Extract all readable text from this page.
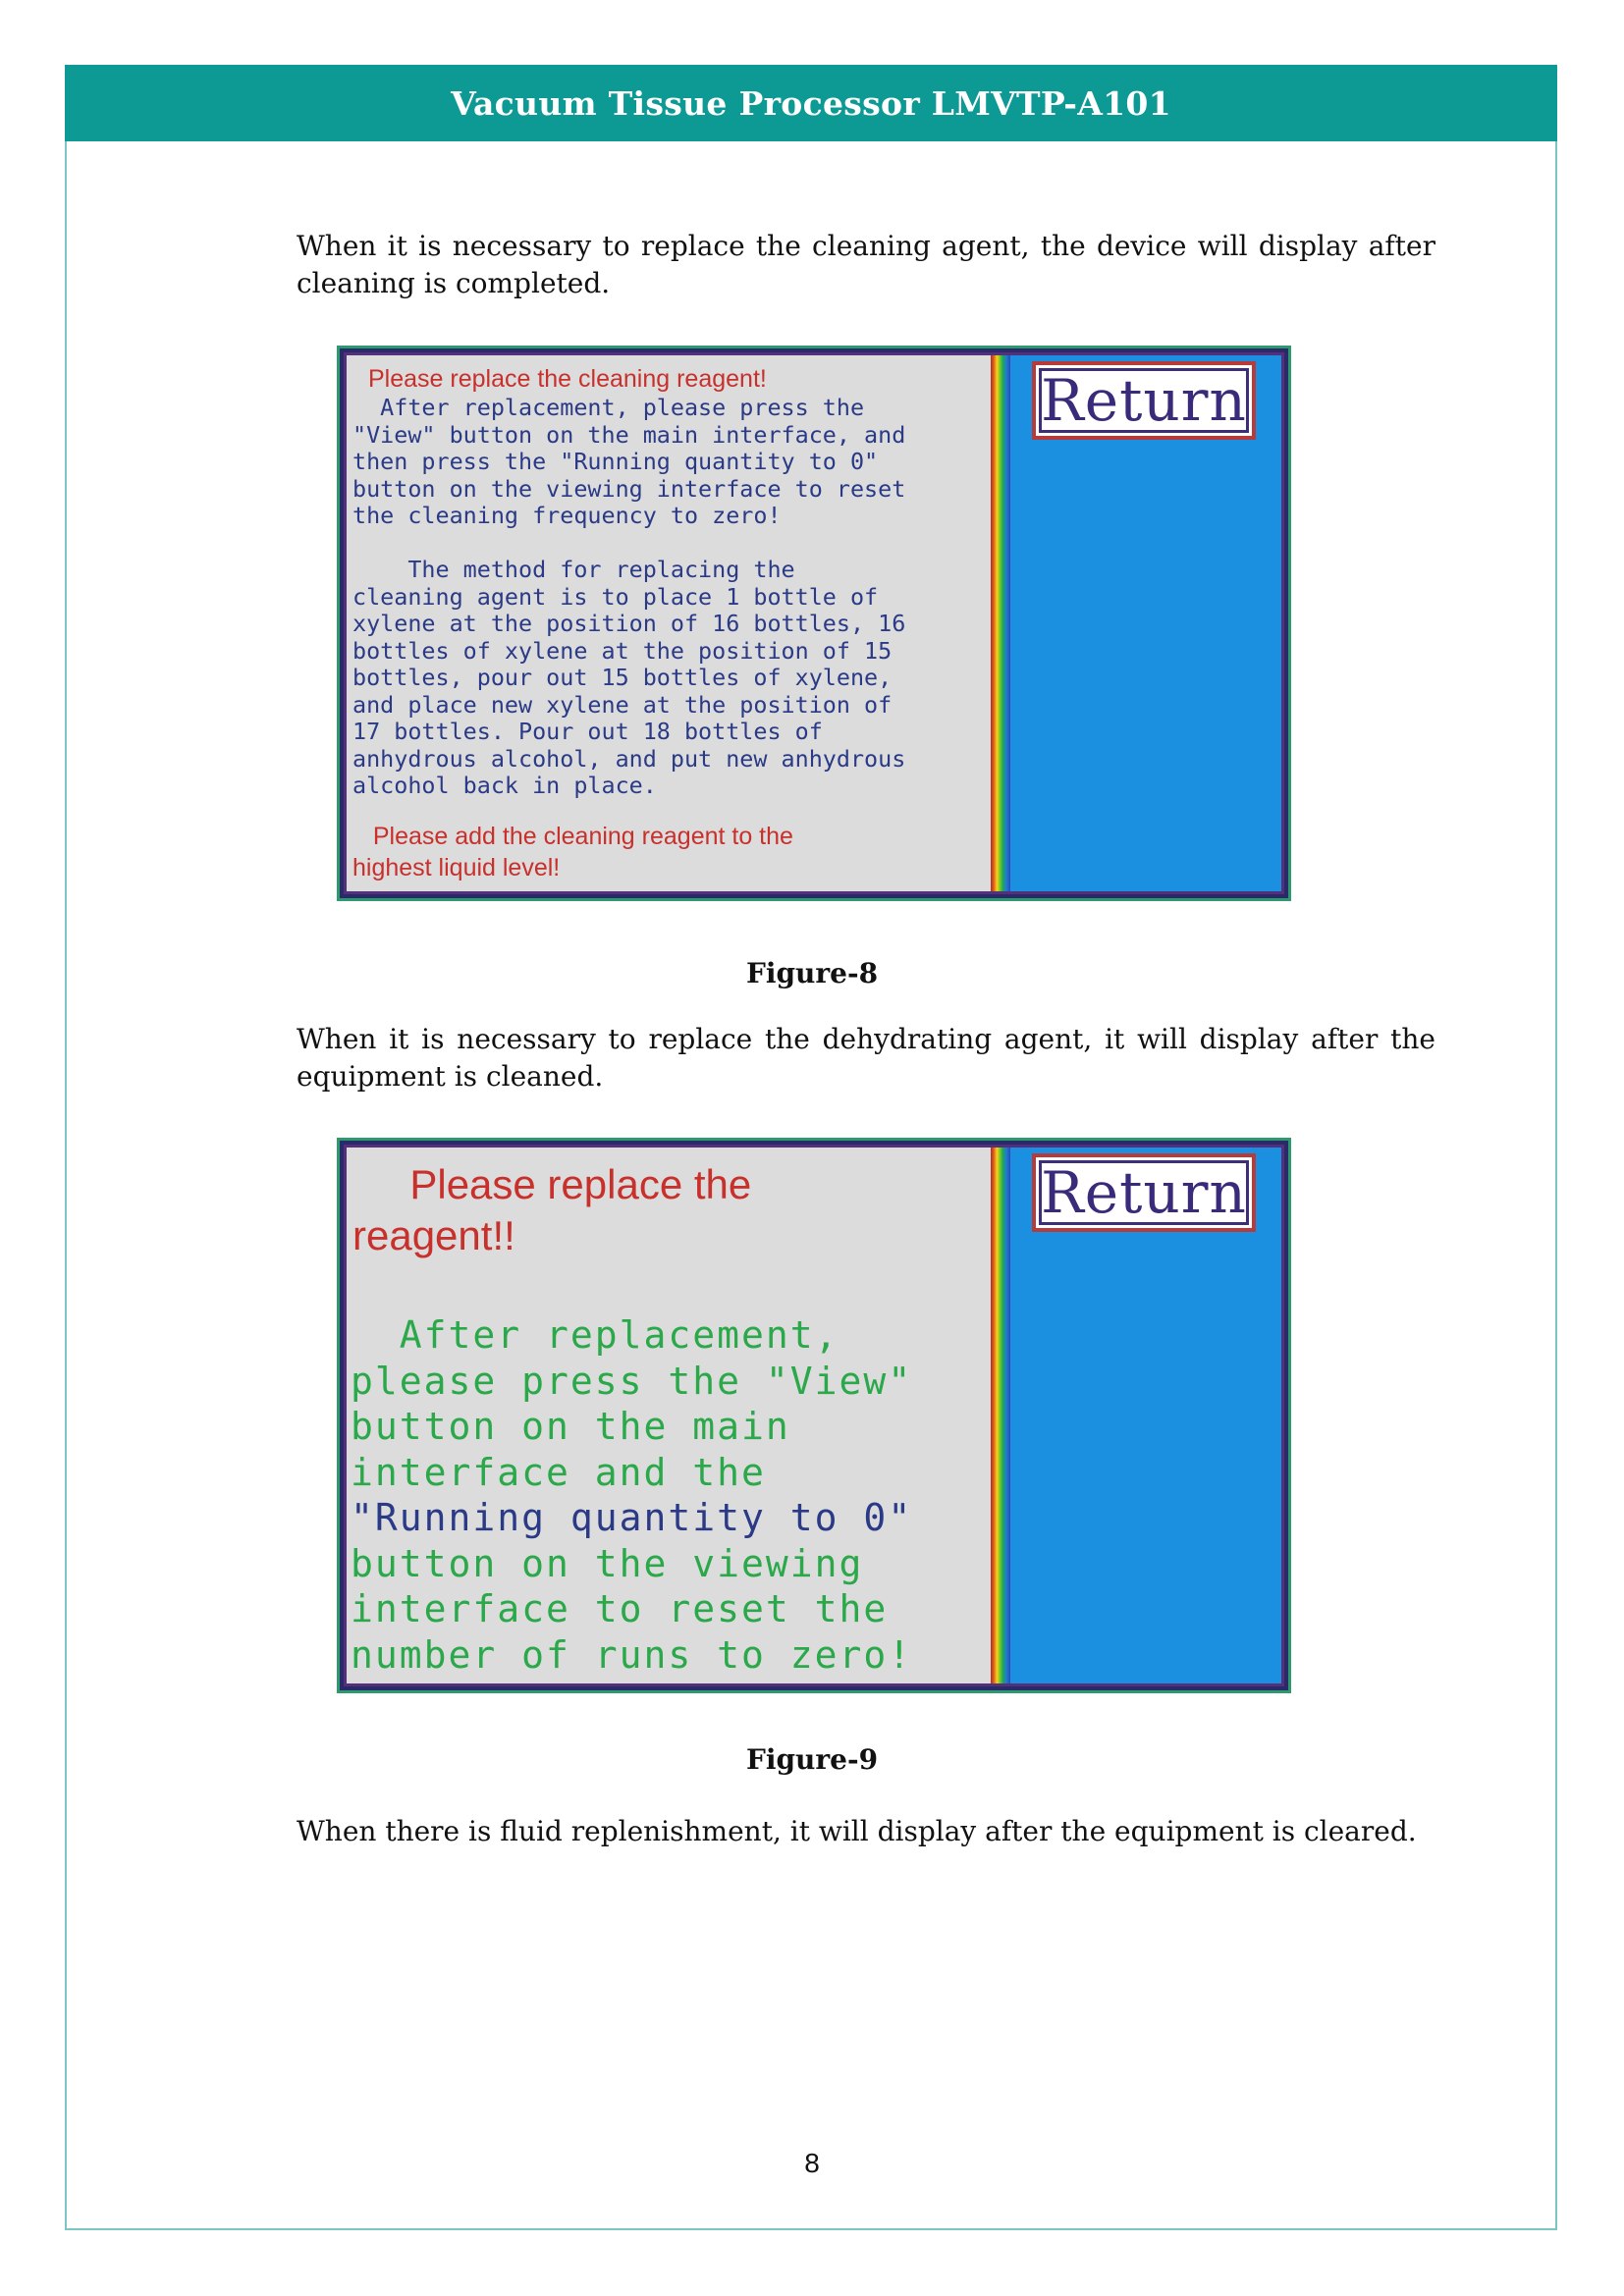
Vacuum Tissue Processor LMVTP-A101
When it is necessary to replace the cleaning agent, the device will display after cleaning is completed.
Please replace the cleaning reagent!
After replacement, please press the
"View" button on the main interface, and
then press the "Running quantity to 0"
button on the viewing interface to reset
the cleaning frequency to zero!

The method for replacing the
cleaning agent is to place 1 bottle of
xylene at the position of 16 bottles, 16
bottles of xylene at the position of 15
bottles, pour out 15 bottles of xylene,
and place new xylene at the position of
17 bottles. Pour out 18 bottles of
anhydrous alcohol, and put new anhydrous
alcohol back in place.
Please add the cleaning reagent to the
highest liquid level!
Return
Figure-8
When it is necessary to replace the dehydrating agent, it will display after the equipment is cleaned.
Please replace the
reagent!!
After replacement,
please press the "View"
button on the main
interface and the
"Running quantity to 0"
button on the viewing
interface to reset the
number of runs to zero!
Return
Figure-9
When there is fluid replenishment, it will display after the equipment is cleared.
8
